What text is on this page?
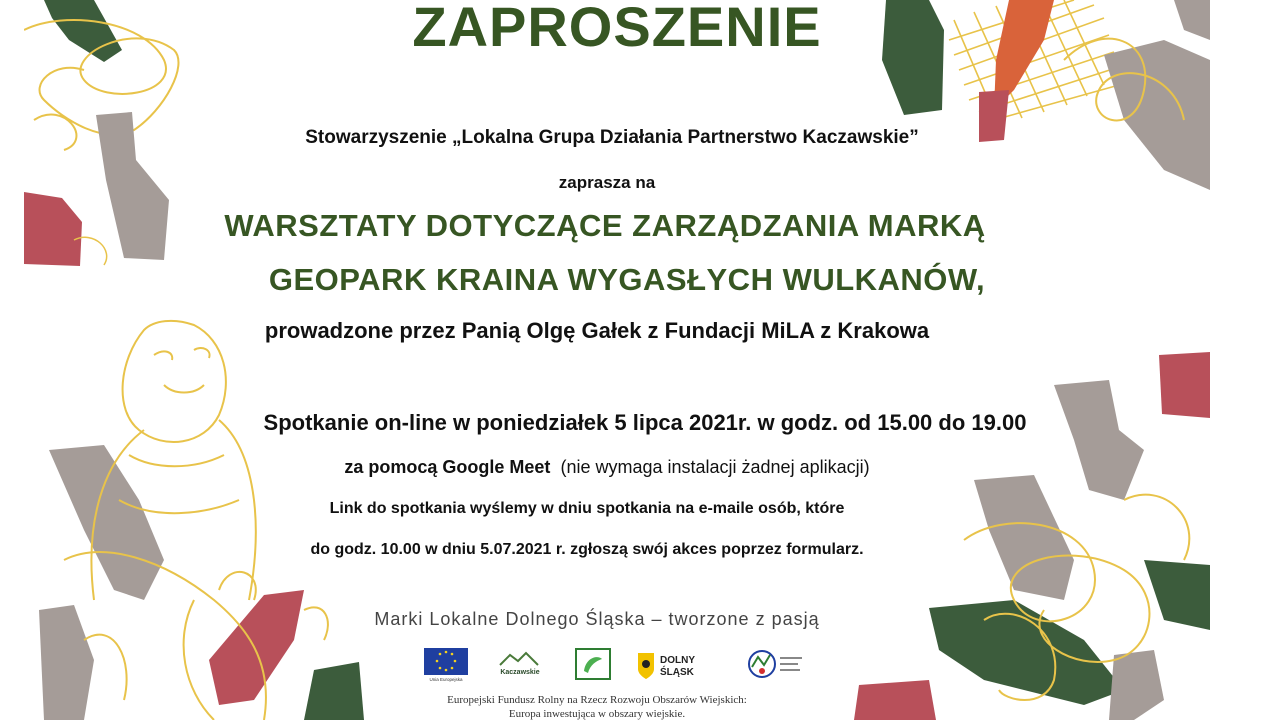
ZAPROSZENIE
Stowarzyszenie „Lokalna Grupa Działania Partnerstwo Kaczawskie”
zaprasza na
WARSZTATY DOTYCZĄCE ZARZĄDZANIA MARKĄ
GEOPARK KRAINA WYGASŁYCH WULKANÓW,
prowadzone przez Panią Olgę Gałek z Fundacji MiLA z Krakowa
Spotkanie on-line w poniedziałek 5 lipca 2021r. w godz. od 15.00 do 19.00
za pomocą Google Meet (nie wymaga instalacji żadnej aplikacji)
Link do spotkania wyślemy w dniu spotkania na e-maile osób, które
do godz. 10.00 w dniu 5.07.2021 r. zgłoszą swój akces poprzez formularz.
Marki Lokalne Dolnego Śląska – tworzone z pasją
Unia Europejska
Kaczawskie
DOLNY
ŚLĄSK
Europejski Fundusz Rolny na Rzecz Rozwoju Obszarów Wiejskich:
Europa inwestująca w obszary wiejskie.
